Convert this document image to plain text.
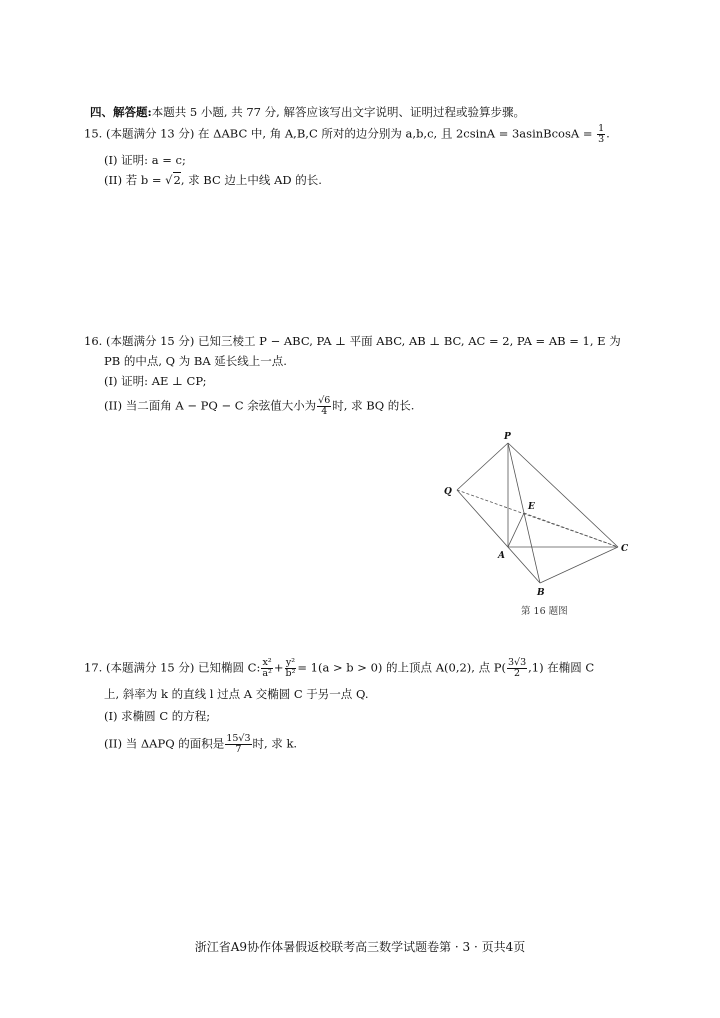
四、解答题:本题共 5 小题, 共 77 分, 解答应该写出文字说明、证明过程或验算步骤。
15. (本题满分 13 分) 在 ΔABC 中, 角 A,B,C 所对的边分别为 a,b,c, 且 2csinA = 3asinBcosA = $\frac{1}{3}$ .
(I) 证明: a = c;
(II) 若 b = √2, 求 BC 边上中线 AD 的长.
16. (本题满分 15 分) 已知三棱工 P − ABC, PA ⊥ 平面 ABC, AB ⊥ BC, AC = 2, PA = AB = 1, E 为
PB 的中点, Q 为 BA 延长线上一点.
(I) 证明: AE ⊥ CP;
(II) 当二面角 A − PQ − C 余弦值大小为 $\frac{√6}{4}$ 时, 求 BQ 的长.
P
Q
E
A
B
C
第 16 题图
17. (本题满分 15 分) 已知椭圆 C: $\frac{\text{x²}}{\text{a²}} + \frac{\text{y²}}{\text{b²}} = 1(a > b > 0)$ 的上顶点 A(0,2), 点 $P( \frac{3√3}{2} ,1)$ 在椭圆 C
上, 斜率为 k 的直线 l 过点 A 交椭圆 C 于另一点 Q.
(I) 求椭圆 C 的方程;
(II) 当 ΔAPQ 的面积是 $\frac{15√3}{7}$ 时, 求 k.
浙江省A9协作体暑假返校联考高三数学试题卷第 · 3 · 页共4页
